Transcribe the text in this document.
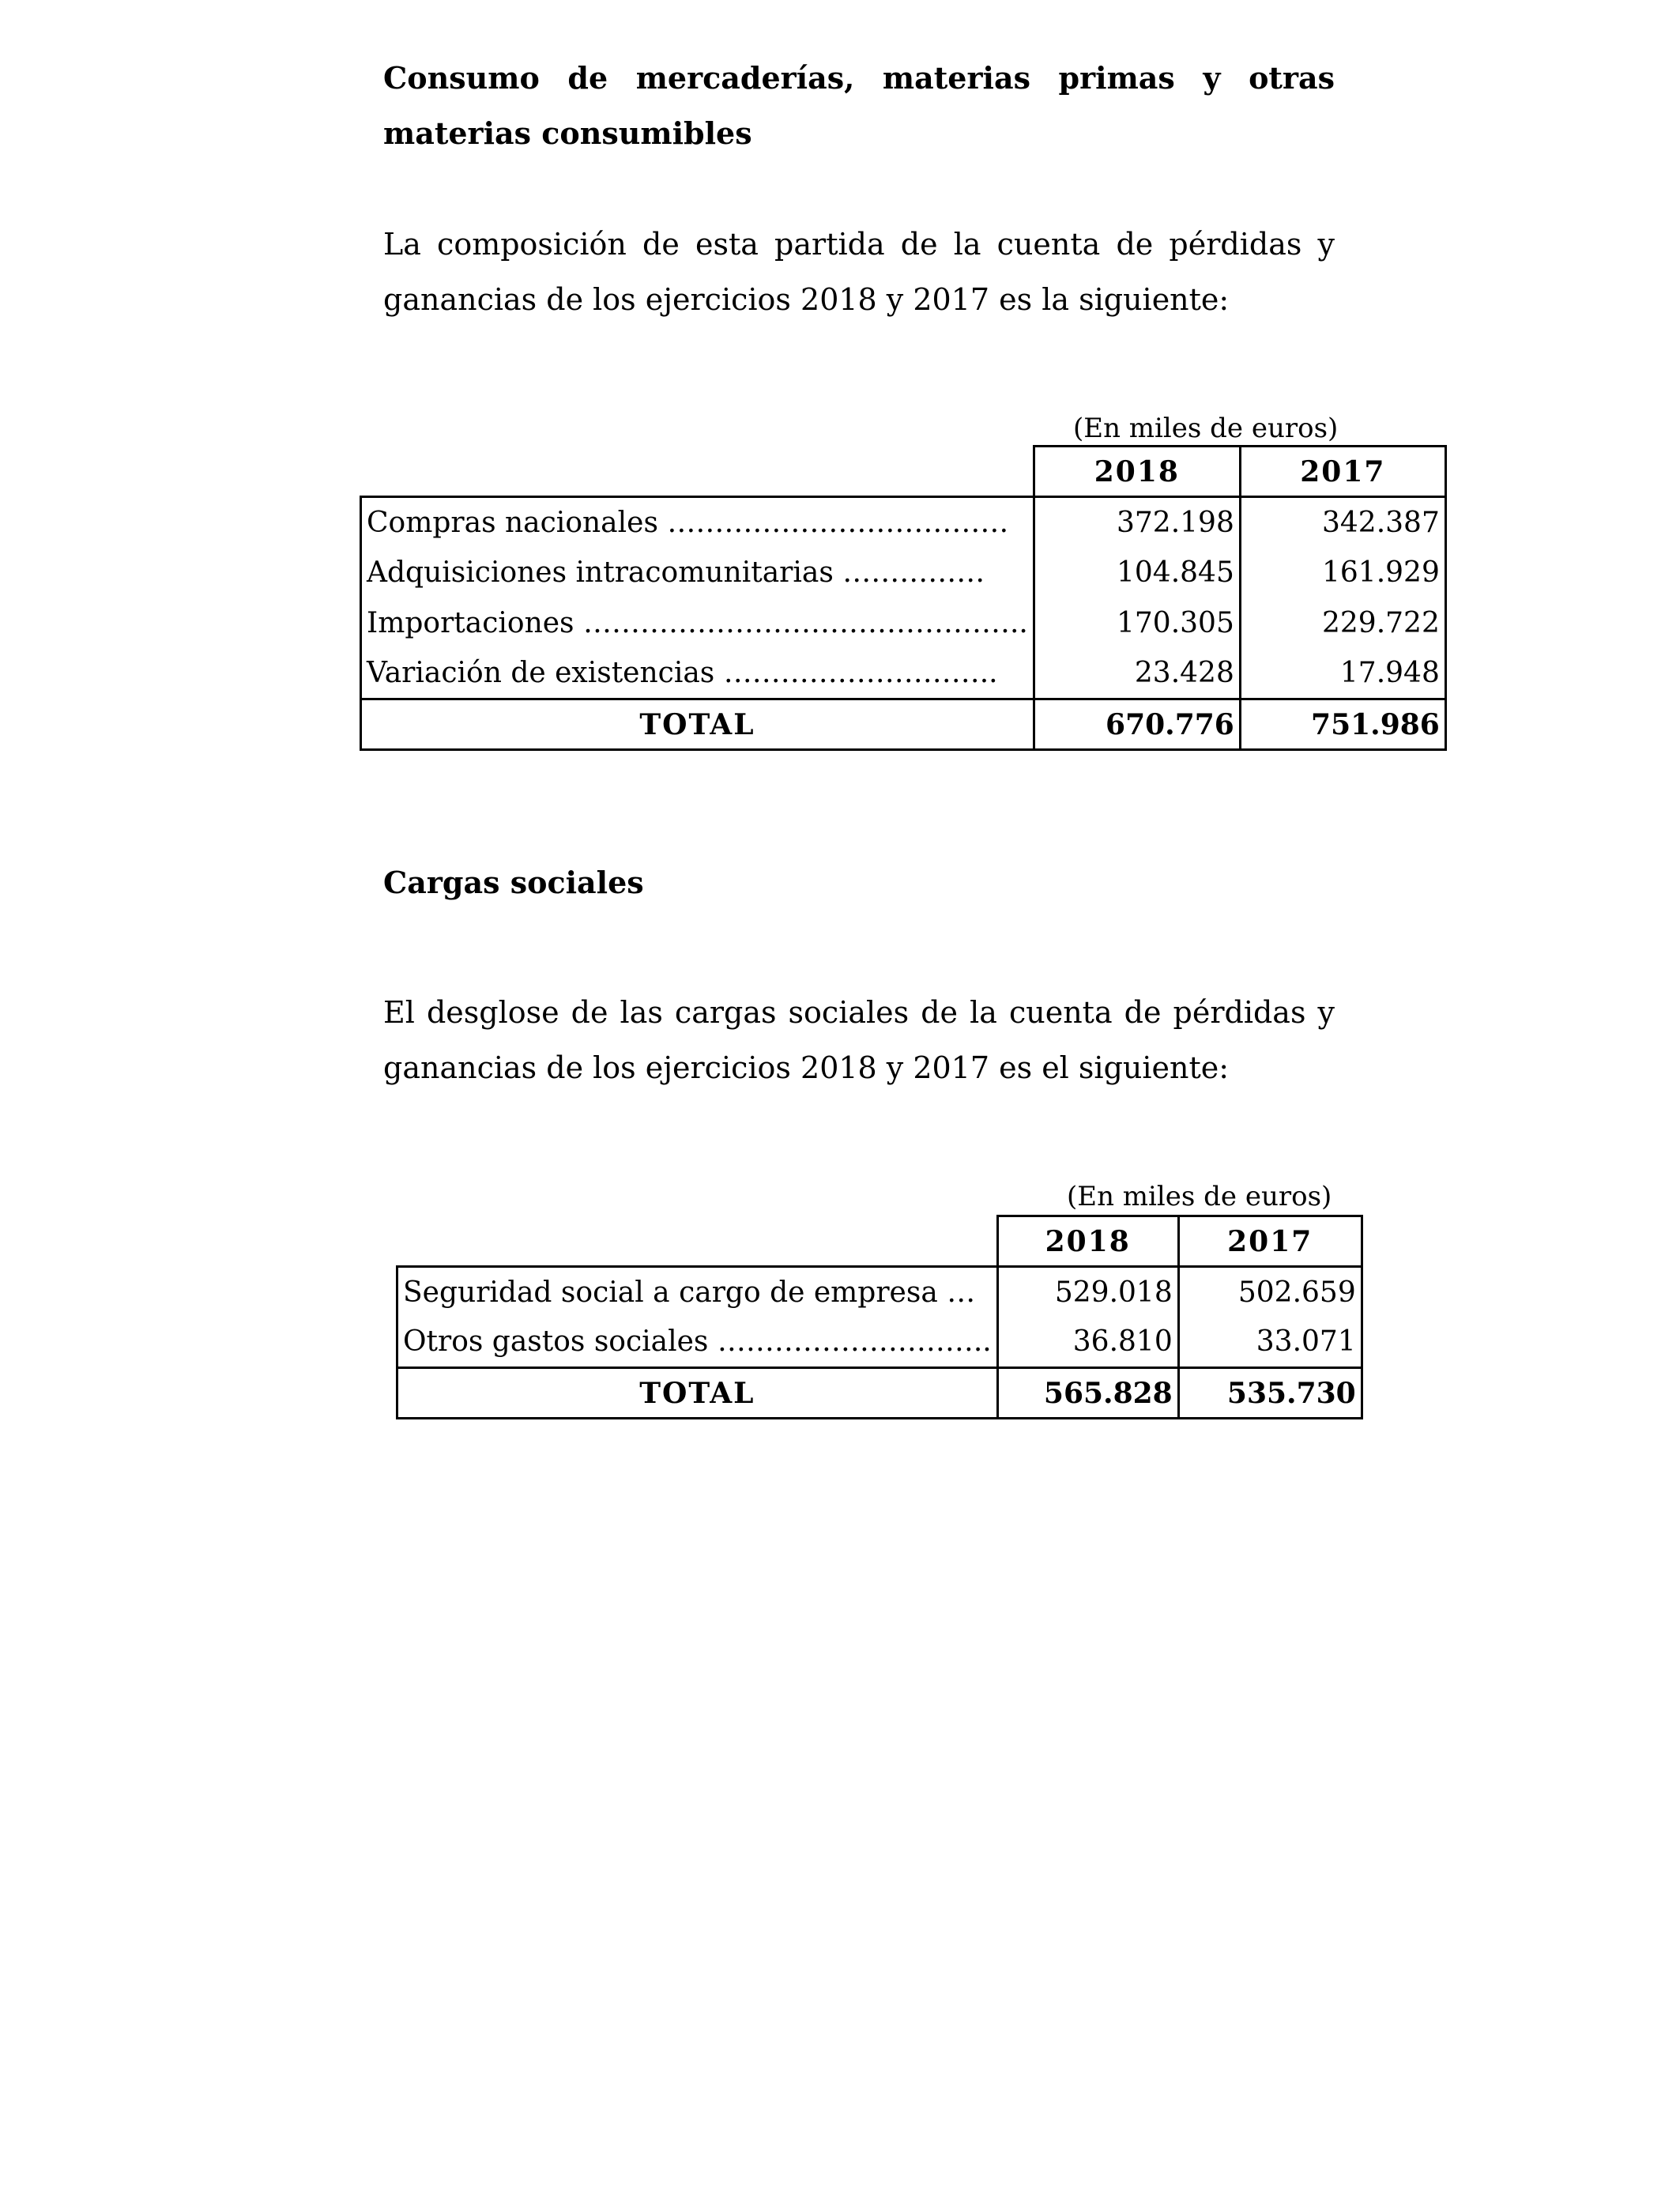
Consumo de mercaderías, materias primas y otras materias consumibles
La composición de esta partida de la cuenta de pérdidas y ganancias de los ejercicios 2018 y 2017 es la siguiente:
(En miles de euros)
	2018	2017
Compras nacionales ………………………………	372.198	342.387
Adquisiciones intracomunitarias ……………	104.845	161.929
Importaciones ………………………………………..	170.305	229.722
Variación de existencias ………………………..	23.428	17.948
TOTAL	670.776	751.986
Cargas sociales
El desglose de las cargas sociales de la cuenta de pérdidas y ganancias de los ejercicios 2018 y 2017 es el siguiente:
(En miles de euros)
	2018	2017
Seguridad social a cargo de empresa …	529.018	502.659
Otros gastos sociales ………………………..	36.810	33.071
TOTAL	565.828	535.730
